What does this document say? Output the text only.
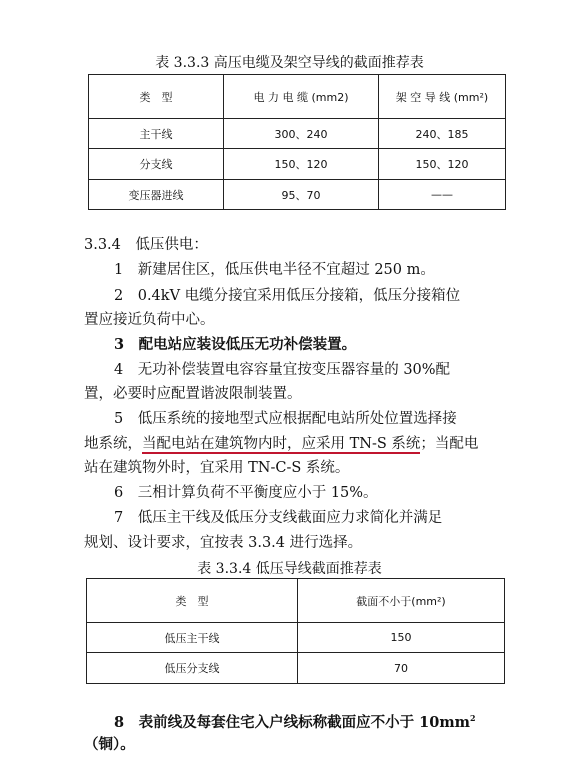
表 3.3.3 高压电缆及架空导线的截面推荐表
类　型	电 力 电 缆 (mm2)	架 空 导 线 (mm²)
主干线	300、240	240、185
分支线	150、120	150、120
变压器进线	95、70	——
3.3.4　低压供电：
1　新建居住区，低压供电半径不宜超过 250 m。
2　0.4kV 电缆分接宜采用低压分接箱，低压分接箱位
置应接近负荷中心。
3　配电站应装设低压无功补偿装置。
4　无功补偿装置电容容量宜按变压器容量的 30%配
置，必要时应配置谐波限制装置。
5　低压系统的接地型式应根据配电站所处位置选择接
地系统，当配电站在建筑物内时，应采用 TN-S 系统；当配电
站在建筑物外时，宜采用 TN-C-S 系统。
6　三相计算负荷不平衡度应小于 15%。
7　低压主干线及低压分支线截面应力求简化并满足
规划、设计要求，宜按表 3.3.4 进行选择。
表 3.3.4 低压导线截面推荐表
类　型	截面不小于(mm²)
低压主干线	150
低压分支线	70
8　表前线及每套住宅入户线标称截面应不小于 $10mm^2$
（铜）。
